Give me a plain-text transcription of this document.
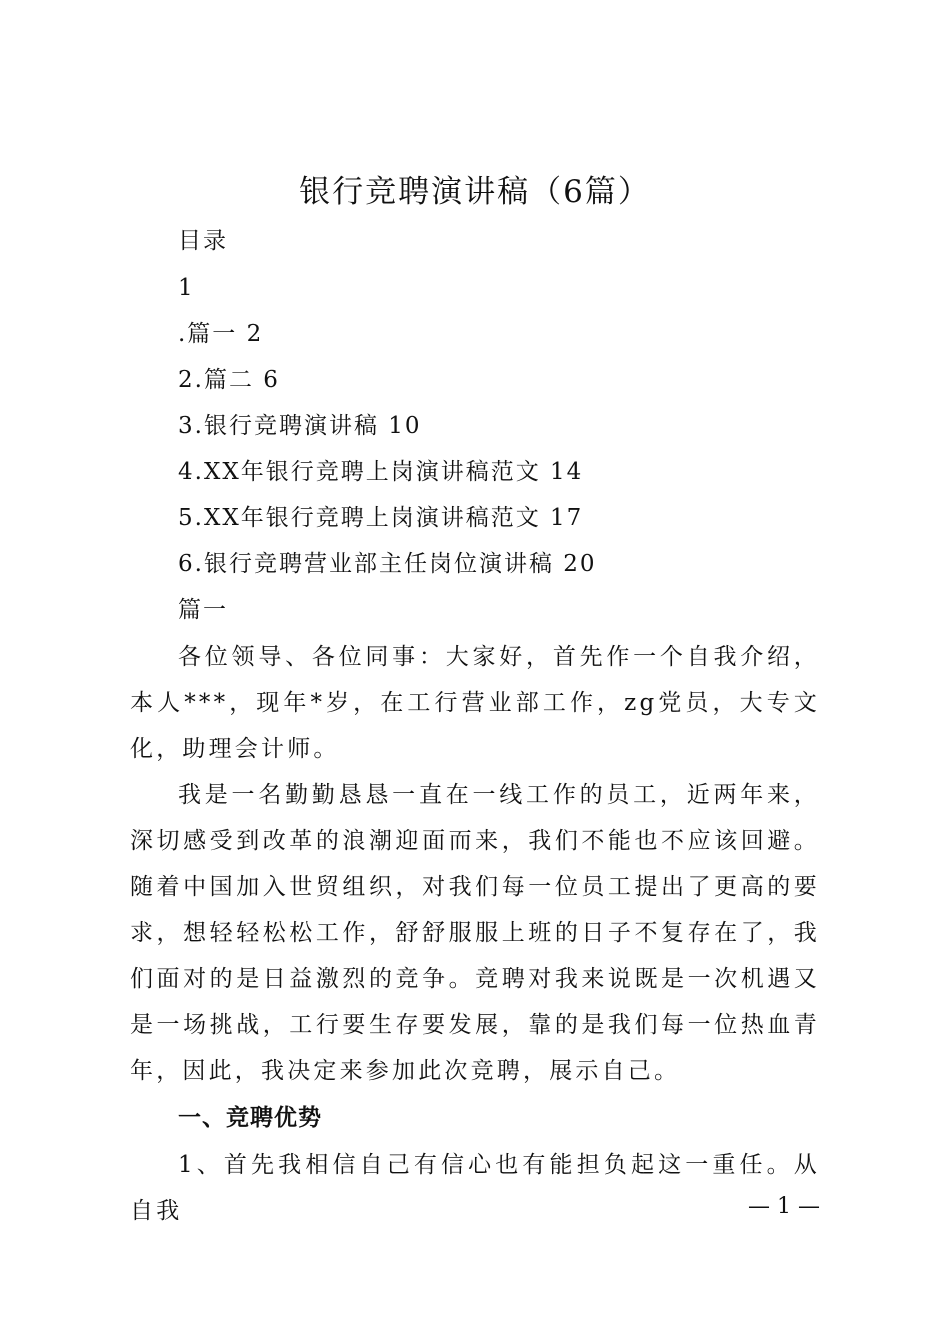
银行竞聘演讲稿（6篇）
目录
1
.篇一 2
2.篇二 6
3.银行竞聘演讲稿 10
4.XX年银行竞聘上岗演讲稿范文 14
5.XX年银行竞聘上岗演讲稿范文 17
6.银行竞聘营业部主任岗位演讲稿 20
篇一
各位领导、各位同事：大家好，首先作一个自我介绍，本人***，现年*岁，在工行营业部工作，zg党员，大专文化，助理会计师。
我是一名勤勤恳恳一直在一线工作的员工，近两年来，深切感受到改革的浪潮迎面而来，我们不能也不应该回避。随着中国加入世贸组织，对我们每一位员工提出了更高的要求，想轻轻松松工作，舒舒服服上班的日子不复存在了，我们面对的是日益激烈的竞争。竞聘对我来说既是一次机遇又是一场挑战，工行要生存要发展，靠的是我们每一位热血青年，因此，我决定来参加此次竞聘，展示自己。
一、竞聘优势
1、首先我相信自己有信心也有能担负起这一重任。从自我	— 1 —
